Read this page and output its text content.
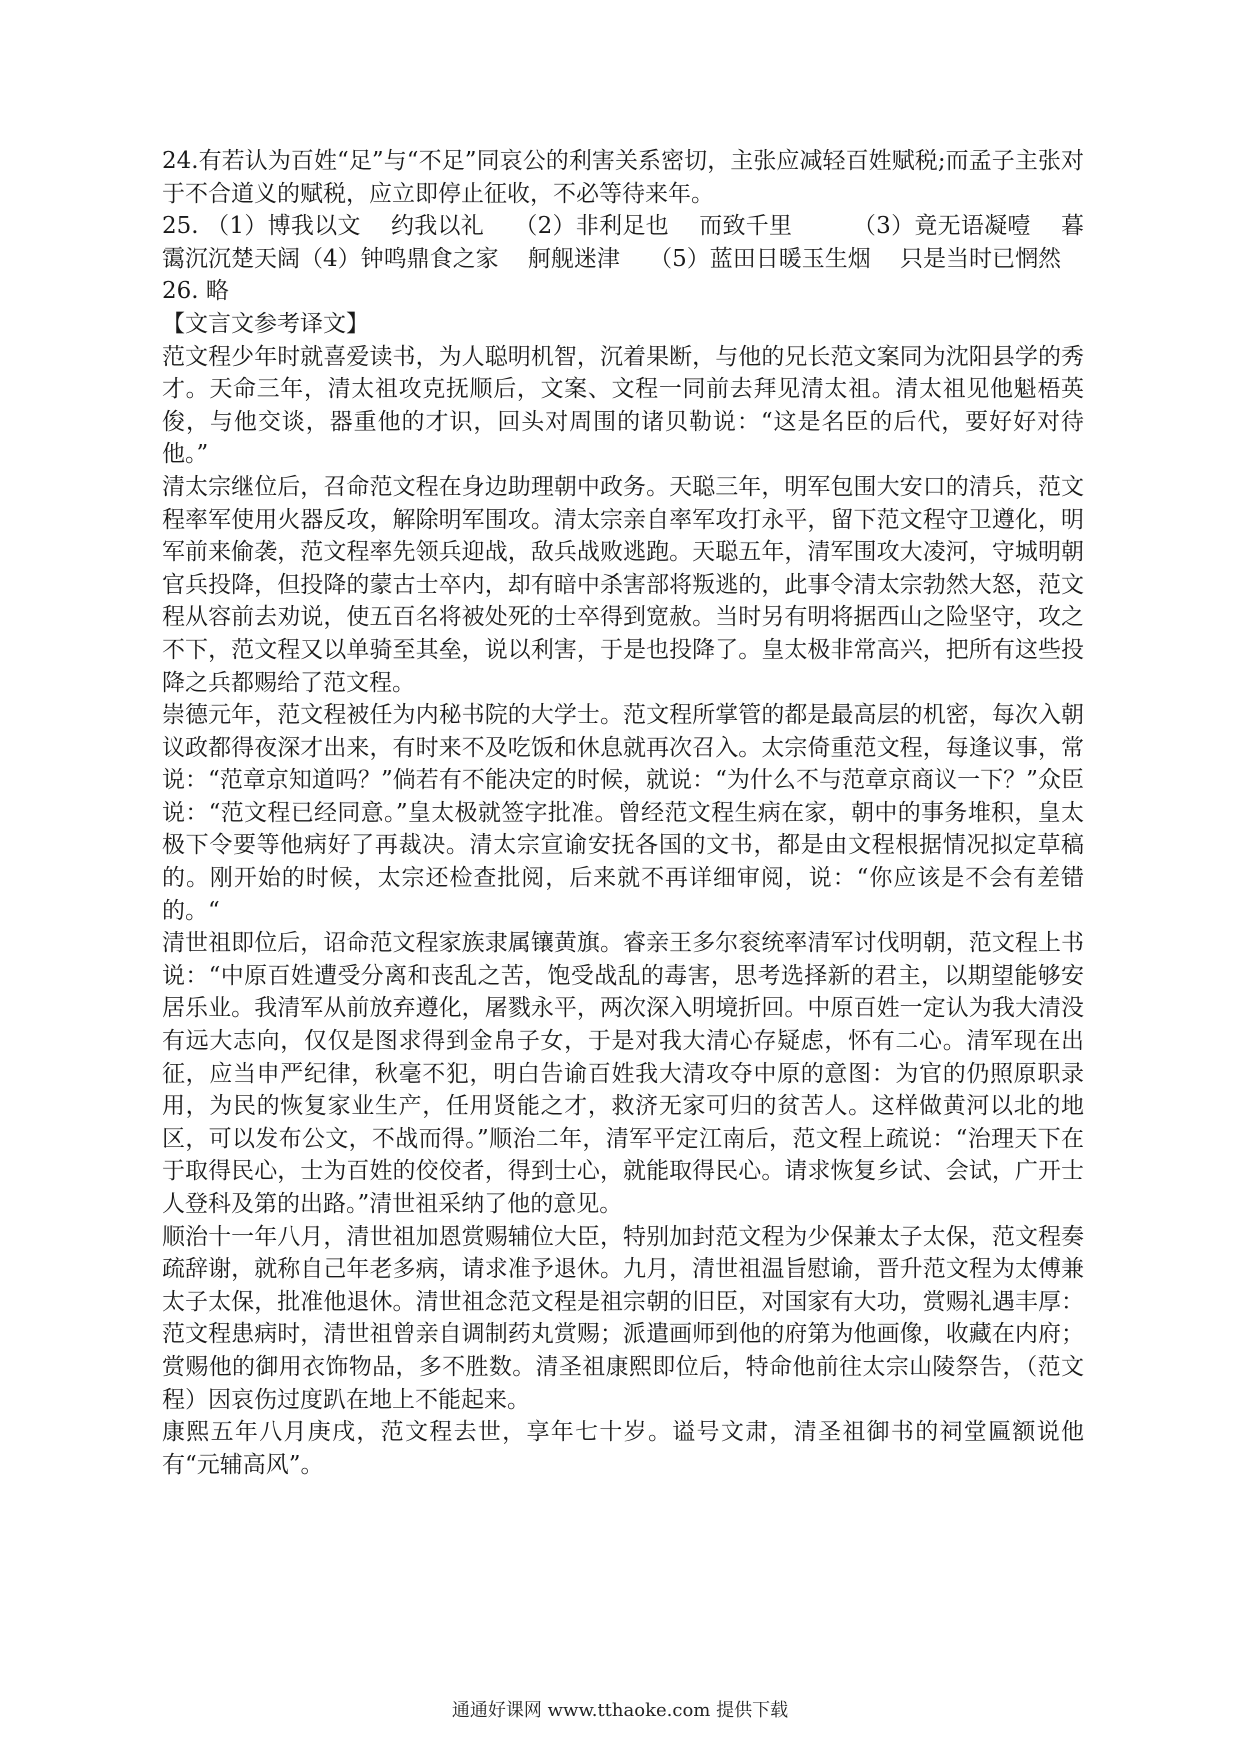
24.有若认为百姓“足”与“不足”同哀公的利害关系密切，主张应减轻百姓赋税;而孟子主张对于不合道义的赋税，应立即停止征收，不必等待来年。

25. （1）博我以文    约我以礼    （2）非利足也    而致千里        （3）竟无语凝噎    暮霭沉沉楚天阔（4）钟鸣鼎食之家    舸舰迷津    （5）蓝田日暖玉生烟    只是当时已惘然

26. 略

【文言文参考译文】

范文程少年时就喜爱读书，为人聪明机智，沉着果断，与他的兄长范文案同为沈阳县学的秀才。天命三年，清太祖攻克抚顺后，文案、文程一同前去拜见清太祖。清太祖见他魁梧英俊，与他交谈，器重他的才识，回头对周围的诸贝勒说：“这是名臣的后代，要好好对待他。”

清太宗继位后，召命范文程在身边助理朝中政务。天聪三年，明军包围大安口的清兵，范文程率军使用火器反攻，解除明军围攻。清太宗亲自率军攻打永平，留下范文程守卫遵化，明军前来偷袭，范文程率先领兵迎战，敌兵战败逃跑。天聪五年，清军围攻大凌河，守城明朝官兵投降，但投降的蒙古士卒内，却有暗中杀害部将叛逃的，此事令清太宗勃然大怒，范文程从容前去劝说，使五百名将被处死的士卒得到宽赦。当时另有明将据西山之险坚守，攻之不下，范文程又以单骑至其垒，说以利害，于是也投降了。皇太极非常高兴，把所有这些投降之兵都赐给了范文程。

崇德元年，范文程被任为内秘书院的大学士。范文程所掌管的都是最高层的机密，每次入朝议政都得夜深才出来，有时来不及吃饭和休息就再次召入。太宗倚重范文程，每逢议事，常说：“范章京知道吗？”倘若有不能决定的时候，就说：“为什么不与范章京商议一下？”众臣说：“范文程已经同意。”皇太极就签字批准。曾经范文程生病在家，朝中的事务堆积，皇太极下令要等他病好了再裁决。清太宗宣谕安抚各国的文书，都是由文程根据情况拟定草稿的。刚开始的时候，太宗还检查批阅，后来就不再详细审阅，说：“你应该是不会有差错的。“

清世祖即位后，诏命范文程家族隶属镶黄旗。睿亲王多尔衮统率清军讨伐明朝，范文程上书说：“中原百姓遭受分离和丧乱之苦，饱受战乱的毒害，思考选择新的君主，以期望能够安居乐业。我清军从前放弃遵化，屠戮永平，两次深入明境折回。中原百姓一定认为我大清没有远大志向，仅仅是图求得到金帛子女，于是对我大清心存疑虑，怀有二心。清军现在出征，应当申严纪律，秋毫不犯，明白告谕百姓我大清攻夺中原的意图：为官的仍照原职录用，为民的恢复家业生产，任用贤能之才，救济无家可归的贫苦人。这样做黄河以北的地区，可以发布公文，不战而得。”顺治二年，清军平定江南后，范文程上疏说：“治理天下在于取得民心，士为百姓的佼佼者，得到士心，就能取得民心。请求恢复乡试、会试，广开士人登科及第的出路。”清世祖采纳了他的意见。

顺治十一年八月，清世祖加恩赏赐辅位大臣，特别加封范文程为少保兼太子太保，范文程奏疏辞谢，就称自己年老多病，请求准予退休。九月，清世祖温旨慰谕，晋升范文程为太傅兼太子太保，批准他退休。清世祖念范文程是祖宗朝的旧臣，对国家有大功，赏赐礼遇丰厚：范文程患病时，清世祖曾亲自调制药丸赏赐；派遣画师到他的府第为他画像，收藏在内府；赏赐他的御用衣饰物品，多不胜数。清圣祖康熙即位后，特命他前往太宗山陵祭告，（范文程）因哀伤过度趴在地上不能起来。

康熙五年八月庚戌，范文程去世，享年七十岁。谥号文肃，清圣祖御书的祠堂匾额说他有“元辅高风”。

通通好课网 www.tthaoke.com 提供下载
